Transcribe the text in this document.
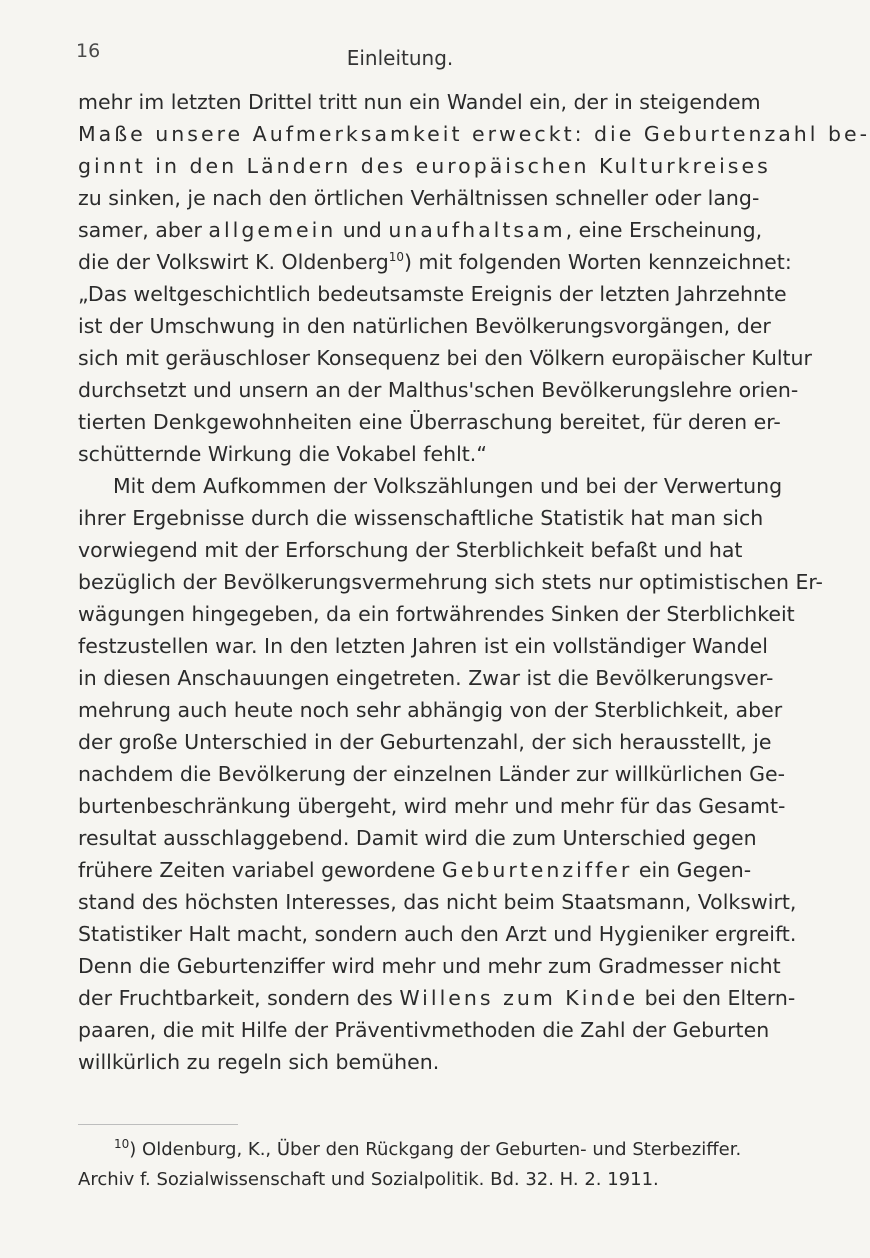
16	Einleitung.
mehr im letzten Drittel tritt nun ein Wandel ein, der in steigendem
Maße unsere Aufmerksamkeit erweckt: die Geburtenzahl be-
ginnt in den Ländern des europäischen Kulturkreises
zu sinken, je nach den örtlichen Verhältnissen schneller oder lang-
samer, aber allgemein und unaufhaltsam, eine Erscheinung,
die der Volkswirt K. Oldenberg$^{10}$) mit folgenden Worten kennzeichnet:
„Das weltgeschichtlich bedeutsamste Ereignis der letzten Jahrzehnte
ist der Umschwung in den natürlichen Bevölkerungsvorgängen, der
sich mit geräuschloser Konsequenz bei den Völkern europäischer Kultur
durchsetzt und unsern an der Malthus'schen Bevölkerungslehre orien-
tierten Denkgewohnheiten eine Überraschung bereitet, für deren er-
schütternde Wirkung die Vokabel fehlt.“
Mit dem Aufkommen der Volkszählungen und bei der Verwertung
ihrer Ergebnisse durch die wissenschaftliche Statistik hat man sich
vorwiegend mit der Erforschung der Sterblichkeit befaßt und hat
bezüglich der Bevölkerungsvermehrung sich stets nur optimistischen Er-
wägungen hingegeben, da ein fortwährendes Sinken der Sterblichkeit
festzustellen war. In den letzten Jahren ist ein vollständiger Wandel
in diesen Anschauungen eingetreten. Zwar ist die Bevölkerungsver-
mehrung auch heute noch sehr abhängig von der Sterblichkeit, aber
der große Unterschied in der Geburtenzahl, der sich herausstellt, je
nachdem die Bevölkerung der einzelnen Länder zur willkürlichen Ge-
burtenbeschränkung übergeht, wird mehr und mehr für das Gesamt-
resultat ausschlaggebend. Damit wird die zum Unterschied gegen
frühere Zeiten variabel gewordene Geburtenziffer ein Gegen-
stand des höchsten Interesses, das nicht beim Staatsmann, Volkswirt,
Statistiker Halt macht, sondern auch den Arzt und Hygieniker ergreift.
Denn die Geburtenziffer wird mehr und mehr zum Gradmesser nicht
der Fruchtbarkeit, sondern des Willens zum Kinde bei den Eltern-
paaren, die mit Hilfe der Präventivmethoden die Zahl der Geburten
willkürlich zu regeln sich bemühen.
$^{10}$) Oldenburg, K., Über den Rückgang der Geburten- und Sterbeziffer.
Archiv f. Sozialwissenschaft und Sozialpolitik. Bd. 32. H. 2. 1911.
